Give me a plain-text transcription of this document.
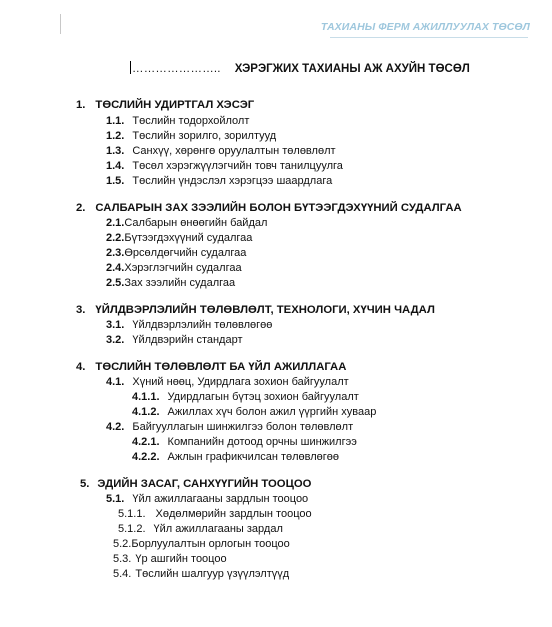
ТАХИАНЫ ФЕРМ АЖИЛЛУУЛАХ ТӨСӨЛ
………………….. ХЭРЭГЖИХ ТАХИАНЫ АЖ АХУЙН ТӨСӨЛ
1. ТӨСЛИЙН УДИРТГАЛ ХЭСЭГ
1.1. Төслийн тодорхойлолт
1.2. Төслийн зорилго, зорилтууд
1.3. Санхүү, хөрөнгө оруулалтын төлөвлөлт
1.4. Төсөл хэрэгжүүлэгчийн товч танилцуулга
1.5. Төслийн үндэслэл хэрэгцээ шаардлага
2. САЛБАРЫН ЗАХ ЗЭЭЛИЙН БОЛОН БҮТЭЭГДЭХҮҮНИЙ СУДАЛГАА
2.1.Салбарын өнөөгийн байдал
2.2.Бүтээгдэхүүний судалгаа
2.3.Өрсөлдөгчийн судалгаа
2.4.Хэрэглэгчийн судалгаа
2.5.Зах зээлийн судалгаа
3. ҮЙЛДВЭРЛЭЛИЙН ТӨЛӨВЛӨЛТ, ТЕХНОЛОГИ, ХҮЧИН ЧАДАЛ
3.1. Үйлдвэрлэлийн төлөвлөгөө
3.2. Үйлдвэрийн стандарт
4. ТӨСЛИЙН ТӨЛӨВЛӨЛТ БА ҮЙЛ АЖИЛЛАГАА
4.1. Хүний нөөц, Удирдлага зохион байгуулалт
4.1.1. Удирдлагын бүтэц зохион байгуулалт
4.1.2. Ажиллах хүч болон ажил үүргийн хуваар
4.2. Байгууллагын шинжилгээ болон төлөвлөлт
4.2.1. Компанийн дотоод орчны шинжилгээ
4.2.2. Ажлын графикчилсан төлөвлөгөө
5. ЭДИЙН ЗАСАГ, САНХҮҮГИЙН ТООЦОО
5.1. Үйл ажиллагааны зардлын тооцоо
5.1.1. Хөдөлмөрийн зардлын тооцоо
5.1.2. Үйл ажиллагааны зардал
5.2.Борлуулалтын орлогын тооцоо
5.3. Үр ашгийн тооцоо
5.4. Төслийн шалгуур үзүүлэлтүүд
